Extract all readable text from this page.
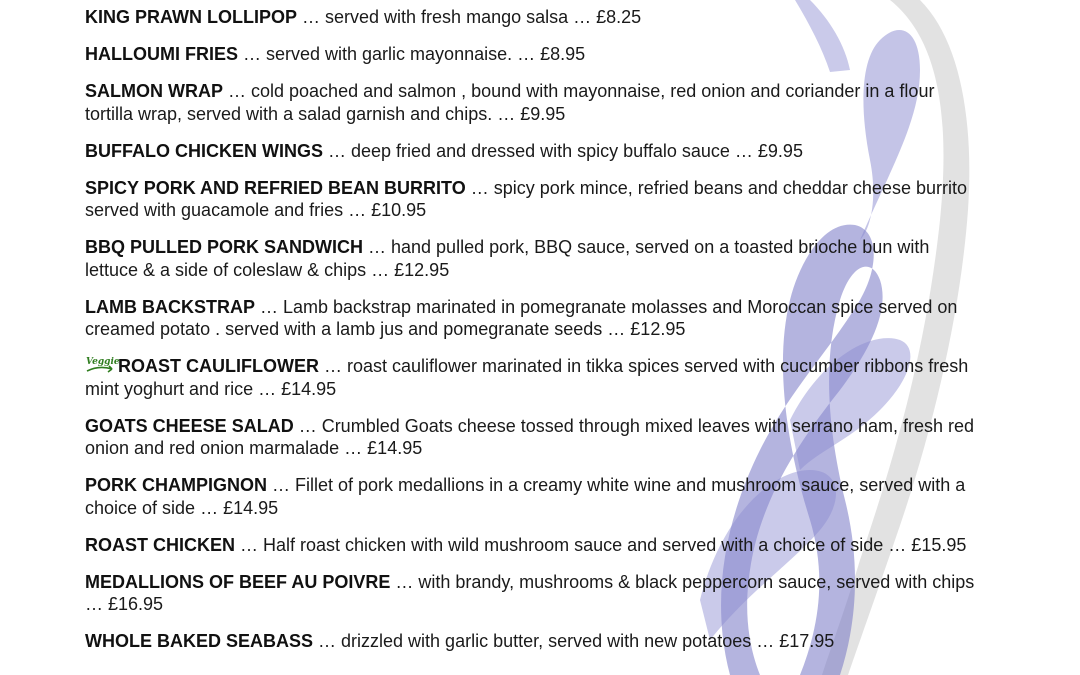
KING PRAWN LOLLIPOP … served with fresh mango salsa … £8.25

HALLOUMI FRIES … served with garlic mayonnaise. … £8.95

SALMON WRAP … cold poached and salmon , bound with mayonnaise, red onion and coriander in a flour tortilla wrap, served with a salad garnish and chips. … £9.95

BUFFALO CHICKEN WINGS … deep fried and dressed with spicy buffalo sauce … £9.95

SPICY PORK AND REFRIED BEAN BURRITO … spicy pork mince, refried beans and cheddar cheese burrito served with guacamole and fries … £10.95

BBQ PULLED PORK SANDWICH … hand pulled pork, BBQ sauce, served on a toasted brioche bun with lettuce & a side of coleslaw & chips … £12.95

LAMB BACKSTRAP … Lamb backstrap marinated in pomegranate molasses and Moroccan spice served on creamed potato . served with a lamb jus and pomegranate seeds … £12.95

Veggie
ROAST CAULIFLOWER … roast cauliflower marinated in tikka spices served with cucumber ribbons fresh mint yoghurt and rice … £14.95

GOATS CHEESE SALAD … Crumbled Goats cheese tossed through mixed leaves with serrano ham, fresh red onion and red onion marmalade … £14.95

PORK CHAMPIGNON … Fillet of pork medallions in a creamy white wine and mushroom sauce, served with a choice of side … £14.95

ROAST CHICKEN … Half roast chicken with wild mushroom sauce and served with a choice of side … £15.95

MEDALLIONS OF BEEF AU POIVRE … with brandy, mushrooms & black peppercorn sauce, served with chips … £16.95

WHOLE BAKED SEABASS … drizzled with garlic butter, served with new potatoes … £17.95
